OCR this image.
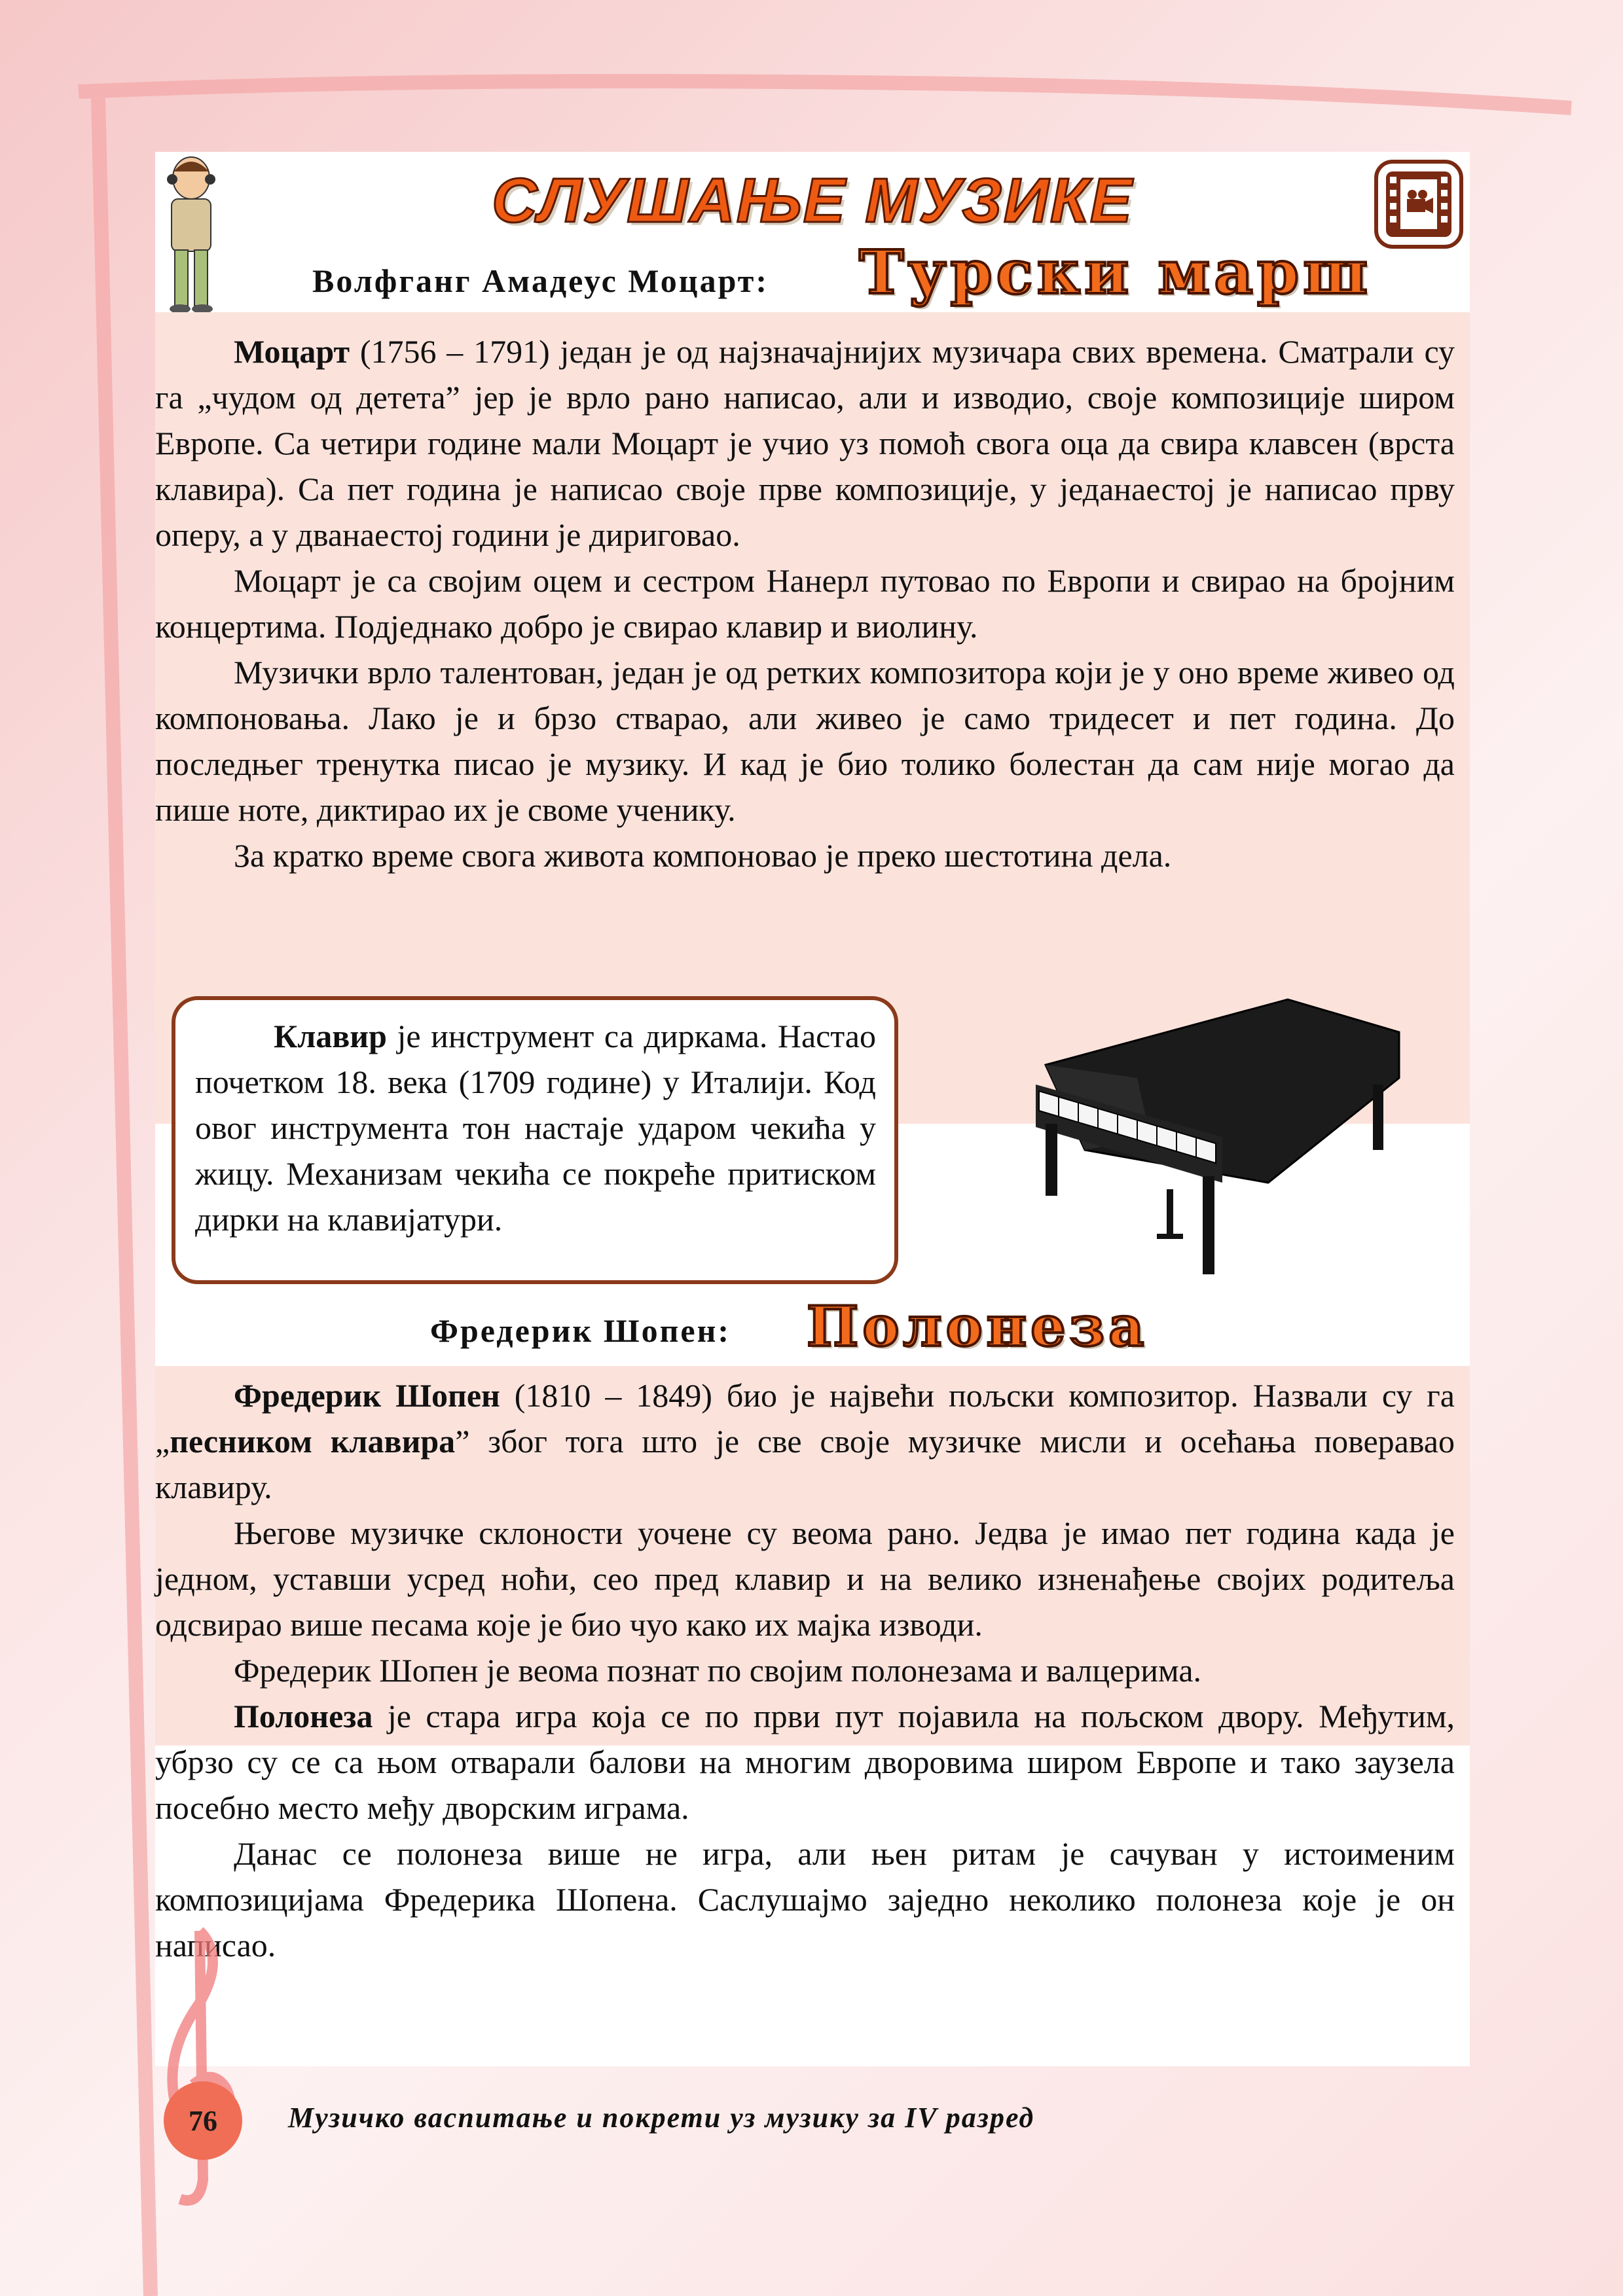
СЛУШАЊЕ МУЗИКЕ
Волфганг Амадеус Моцарт: Турски марш

Моцарт (1756 – 1791) један је од најзначајнијих музичара свих времена. Сматрали су га „чудом од детета” јер је врло рано написао, али и изводио, своје композиције широм Европе. Са четири године мали Моцарт је учио уз помоћ свога оца да свира клавсен (врста клавира). Са пет година је написао своје прве композиције, у једанаестој је написао прву оперу, а у дванаестој години је дириговао.

Моцарт је са својим оцем и сестром Нанерл путовао по Европи и свирао на бројним концертима. Подједнако добро је свирао клавир и виолину.

Музички врло талентован, један је од ретких композитора који је у оно време живео од компоновања. Лако је и брзо стварао, али живео је само тридесет и пет година. До последњег тренутка писао је музику. И кад је био толико болестан да сам није могао да пише ноте, диктирао их је своме ученику.

За кратко време свога живота компоновао је преко шестотина дела.

Клавир је инструмент са диркама. Настао почетком 18. века (1709 године) у Италији. Код овог инструмента тон настаје ударом чекића у жицу. Механизам чекића се покреће притиском дирки на клавијатури.

Фредерик Шопен: Полонеза

Фредерик Шопен (1810 – 1849) био је највећи пољски композитор. Назвали су га „песником клавира” због тога што је све своје музичке мисли и осећања поверавао клавиру.

Његове музичке склоности уочене су веома рано. Једва је имао пет година када је једном, уставши усред ноћи, сео пред клавир и на велико изненађење својих родитеља одсвирао више песама које је био чуо како их мајка изводи.

Фредерик Шопен је веома познат по својим полонезама и валцерима.

Полонеза је стара игра која се по први пут појавила на пољском двору. Међутим, убрзо су се са њом отварали балови на многим дворовима широм Европе и тако заузела посебно место међу дворским играма.

Данас се полонеза више не игра, али њен ритам је сачуван у истоименим композицијама Фредерика Шопена. Саслушајмо заједно неколико полонеза које је он написао.

76	Музичко васпитање и покрети уз музику за IV разред
